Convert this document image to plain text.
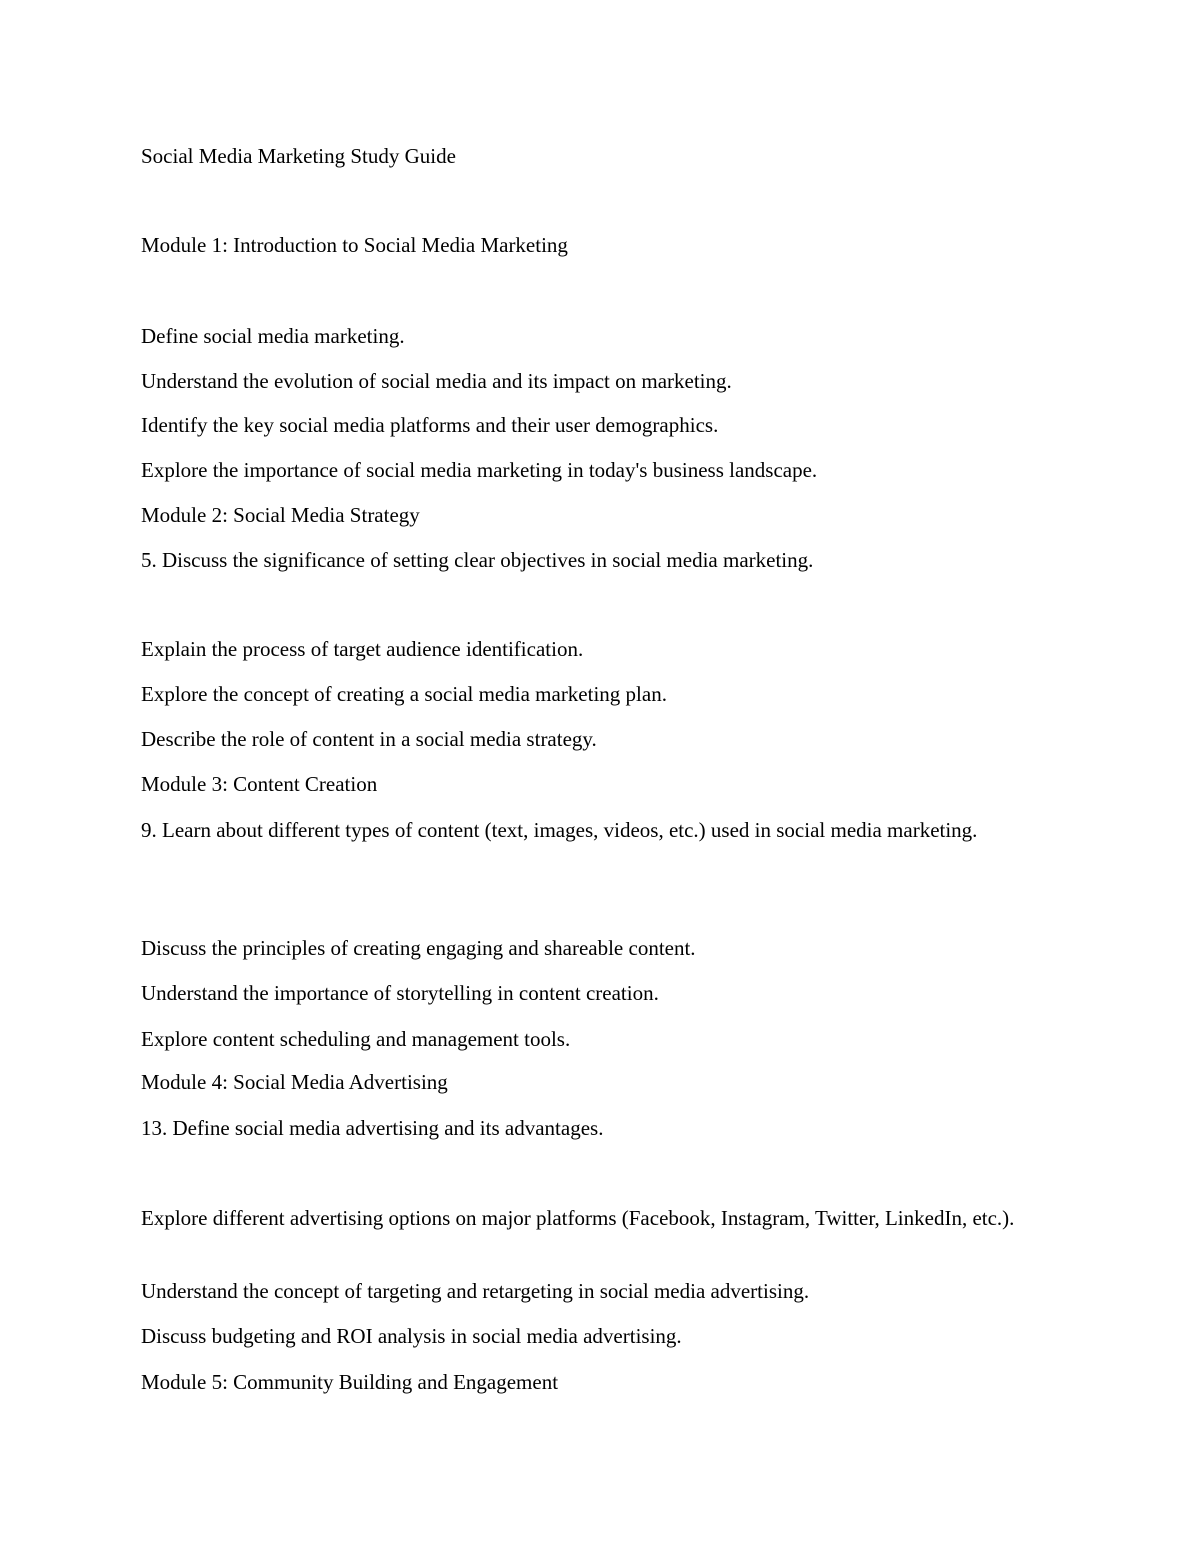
Social Media Marketing Study Guide

Module 1: Introduction to Social Media Marketing

Define social media marketing.

Understand the evolution of social media and its impact on marketing.

Identify the key social media platforms and their user demographics.

Explore the importance of social media marketing in today's business landscape.

Module 2: Social Media Strategy

5. Discuss the significance of setting clear objectives in social media marketing.

Explain the process of target audience identification.

Explore the concept of creating a social media marketing plan.

Describe the role of content in a social media strategy.

Module 3: Content Creation

9. Learn about different types of content (text, images, videos, etc.) used in social media marketing.

Discuss the principles of creating engaging and shareable content.

Understand the importance of storytelling in content creation.

Explore content scheduling and management tools.

Module 4: Social Media Advertising

13. Define social media advertising and its advantages.

Explore different advertising options on major platforms (Facebook, Instagram, Twitter, LinkedIn, etc.).

Understand the concept of targeting and retargeting in social media advertising.

Discuss budgeting and ROI analysis in social media advertising.

Module 5: Community Building and Engagement
